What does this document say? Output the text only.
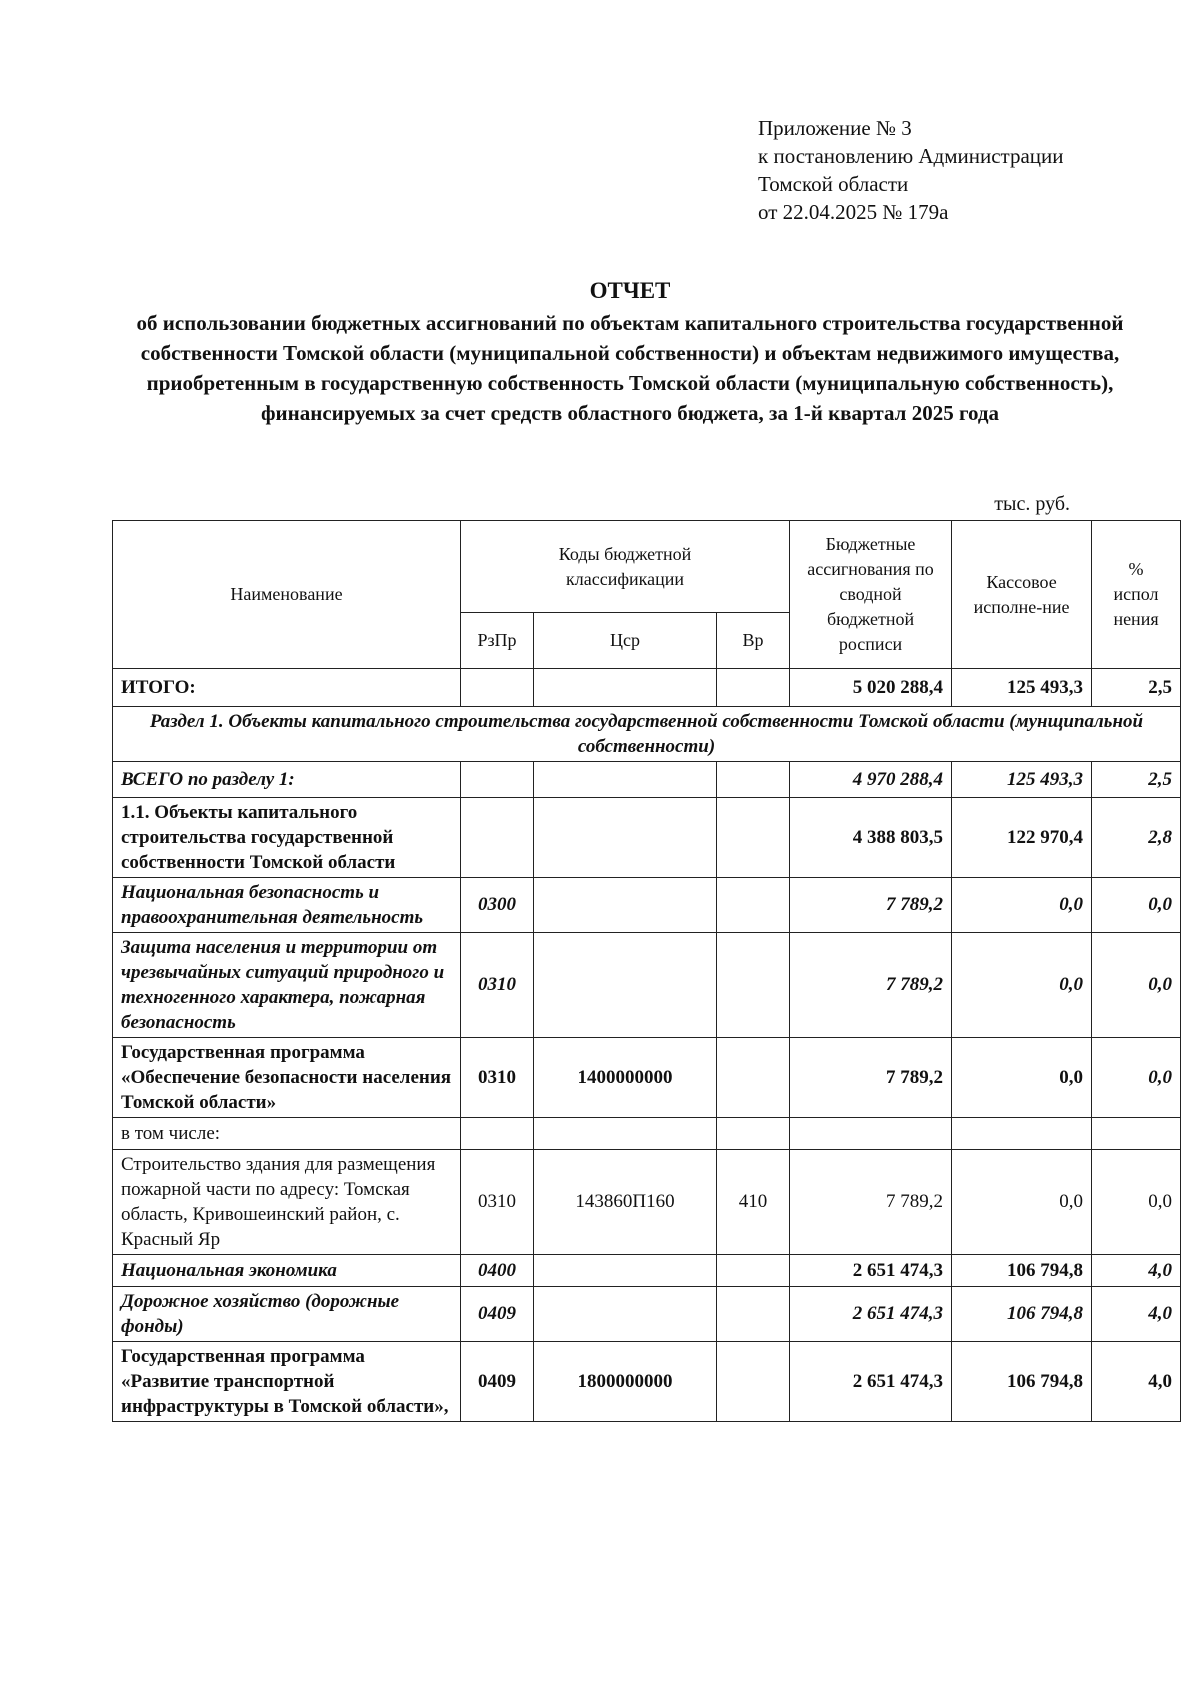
Приложение № 3
к постановлению Администрации
Томской области
от 22.04.2025 № 179а
ОТЧЕТ
об использовании бюджетных ассигнований по объектам капитального строительства государственной собственности Томской области (муниципальной собственности) и объектам недвижимого имущества, приобретенным в государственную собственность Томской области (муниципальную собственность), финансируемых за счет средств областного бюджета, за 1-й квартал 2025 года
тыс. руб.
Наименование	Коды бюджетной классификации			Бюджетные ассигнования по сводной бюджетной росписи	Кассовое исполне-ние	% испол нения
	РзПр	Цср	Вр			
ИТОГО:				5 020 288,4	125 493,3	2,5
Раздел 1. Объекты капитального строительства государственной собственности Томской области (мунщипальной собственности)						
ВСЕГО по разделу 1:				4 970 288,4	125 493,3	2,5
1.1. Объекты капитального строительства государственной собственности Томской области				4 388 803,5	122 970,4	2,8
Национальная безопасность и правоохранительная деятельность	0300			7 789,2	0,0	0,0
Защита населения и территории от чрезвычайных ситуаций природного и техногенного характера, пожарная безопасность	0310			7 789,2	0,0	0,0
Государственная программа «Обеспечение безопасности населения Томской области»	0310	1400000000		7 789,2	0,0	0,0
в том числе:						
Строительство здания для размещения пожарной части по адресу: Томская область, Кривошеинский район, с. Красный Яр	0310	143860П160	410	7 789,2	0,0	0,0
Национальная экономика	0400			2 651 474,3	106 794,8	4,0
Дорожное хозяйство (дорожные фонды)	0409			2 651 474,3	106 794,8	4,0
Государственная программа «Развитие транспортной инфраструктуры в Томской области»,	0409	1800000000		2 651 474,3	106 794,8	4,0
